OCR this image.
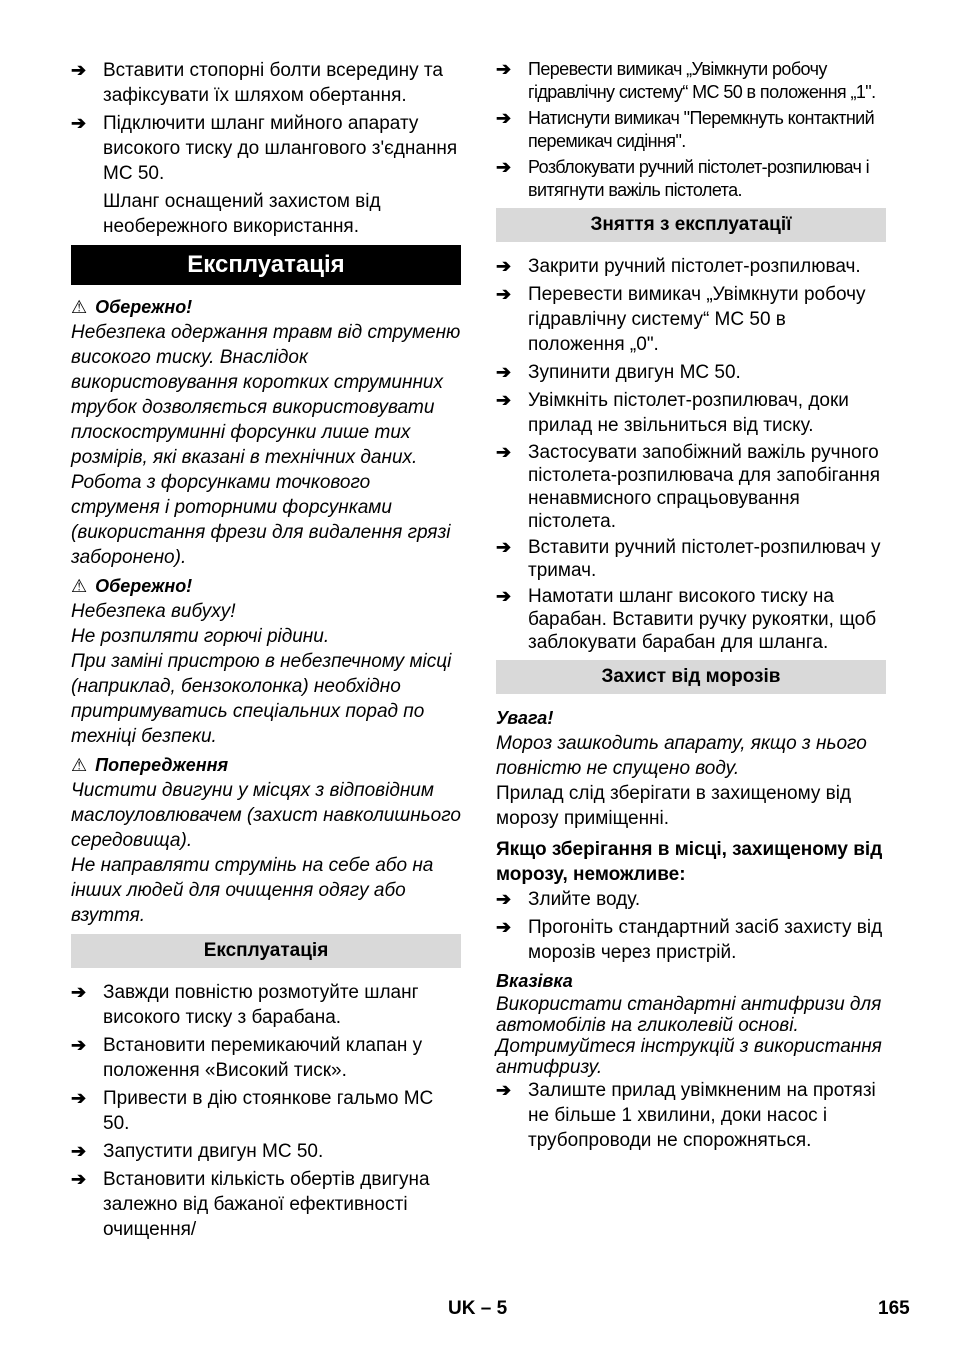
➔ Вставити стопорні болти всередину та зафіксувати їх шляхом обертання.
➔ Підключити шланг мийного апарату високого тиску до шлангового з'єднання MC 50.
Шланг оснащений захистом від необережного використання.
Експлуатація
⚠ Обережно!
Небезпека одержання травм від струменю високого тиску. Внаслідок використовування коротких струминних трубок дозволяється використовувати плоскоструминні форсунки лише тих розмірів, які вказані в технічних даних. Робота з форсунками точкового струменя і роторними форсунками (використання фрези для видалення грязі заборонено).
⚠ Обережно!
Небезпека вибуху!
Не розпиляти горючі рідини.
При заміні пристрою в небезпечному місці (наприклад, бензоколонка) необхідно притримуватись спеціальних порад по техніці безпеки.
⚠ Попередження
Чистити двигуни у місцях з відповідним маслоуловлювачем (захист навколишнього середовища).
Не направляти струмінь на себе або на інших людей для очищення одягу або взуття.
Експлуатація
➔ Завжди повністю розмотуйте шланг високого тиску з барабана.
➔ Встановити перемикаючий клапан у положення «Високий тиск».
➔ Привести в дію стоянкове гальмо MC 50.
➔ Запустити двигун MC 50.
➔ Встановити кількість обертів двигуна залежно від бажаної ефективності очищення/
➔ Перевести вимикач „Увімкнути робочу гідравлічну систему“ MC 50 в положення „1".
➔ Натиснути вимикач "Перемкнуть контактний перемикач сидіння".
➔ Розблокувати ручний пістолет-розпилювач і витягнути важіль пістолета.
Зняття з експлуатації
➔ Закрити ручний пістолет-розпилювач.
➔ Перевести вимикач „Увімкнути робочу гідравлічну систему“ MC 50 в положення „0".
➔ Зупинити двигун MC 50.
➔ Увімкніть пістолет-розпилювач, доки прилад не звільниться від тиску.
➔ Застосувати запобіжний важіль ручного пістолета-розпилювача для запобігання ненавмисного спрацьовування пістолета.
➔ Вставити ручний пістолет-розпилювач у тримач.
➔ Намотати шланг високого тиску на барабан. Вставити ручку рукоятки, щоб заблокувати барабан для шланга.
Захист від морозів
Увага!
Мороз зашкодить апарату, якщо з нього повністю не спущено воду.
Прилад слід зберігати в захищеному від морозу приміщенні.
Якщо зберігання в місці, захищеному від морозу, неможливе:
➔ Злийте воду.
➔ Прогоніть стандартний засіб захисту від морозів через пристрій.
Вказівка
Використати стандартні антифризи для автомобілів на гликолевій основі. Дотримуйтеся інструкцій з використання антифризу.
➔ Залиште прилад увімкненим на протязі не більше 1 хвилини, доки насос і трубопроводи не спорожняться.
UK – 5	165
